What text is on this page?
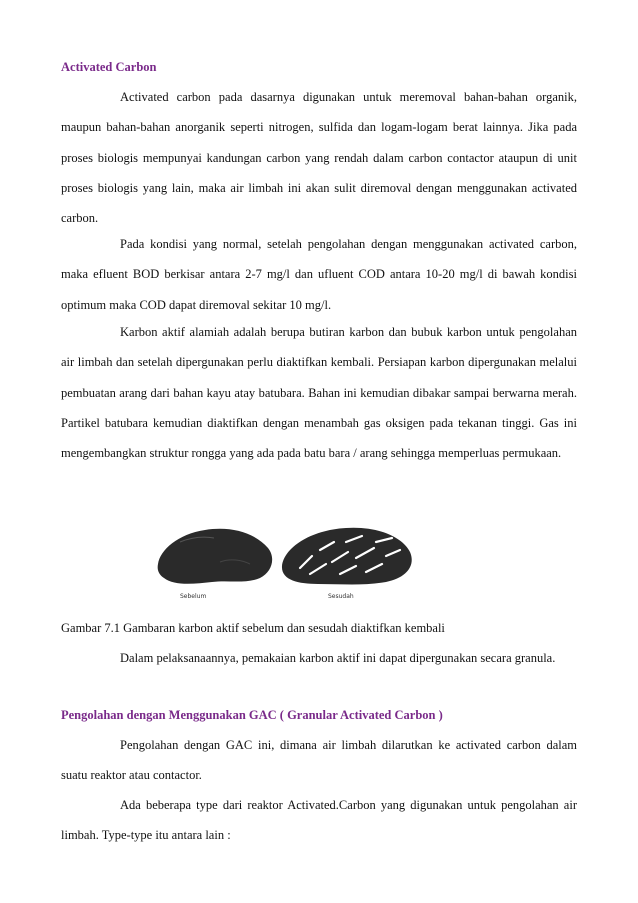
Activated Carbon

Activated carbon pada dasarnya digunakan untuk meremoval bahan-bahan organik, maupun bahan-bahan anorganik seperti nitrogen, sulfida dan logam-logam berat lainnya. Jika pada proses biologis mempunyai kandungan carbon yang rendah dalam carbon contactor ataupun di unit proses biologis yang lain, maka air limbah ini akan sulit diremoval dengan menggunakan activated carbon.

Pada kondisi yang normal, setelah pengolahan dengan menggunakan activated carbon, maka efluent BOD berkisar antara 2-7 mg/l dan ufluent COD antara 10-20 mg/l di bawah kondisi optimum maka COD dapat diremoval sekitar 10 mg/l.

Karbon aktif alamiah adalah berupa butiran karbon dan bubuk karbon untuk pengolahan air limbah dan setelah dipergunakan perlu diaktifkan kembali. Persiapan karbon dipergunakan melalui pembuatan arang dari bahan kayu atay batubara. Bahan ini kemudian dibakar sampai berwarna merah. Partikel batubara kemudian diaktifkan dengan menambah gas oksigen pada tekanan tinggi. Gas ini mengembangkan struktur rongga yang ada pada batu bara / arang sehingga memperluas permukaan.

Sebelum	Sesudah
Gambar 7.1 Gambaran karbon aktif sebelum dan sesudah diaktifkan kembali
Dalam pelaksanaannya, pemakaian karbon aktif ini dapat dipergunakan secara granula.
Pengolahan dengan Menggunakan GAC ( Granular Activated Carbon )

Pengolahan dengan GAC ini, dimana air limbah dilarutkan ke activated carbon dalam suatu reaktor atau contactor.

Ada beberapa type dari reaktor Activated.Carbon yang digunakan untuk pengolahan air limbah. Type-type itu antara lain :
